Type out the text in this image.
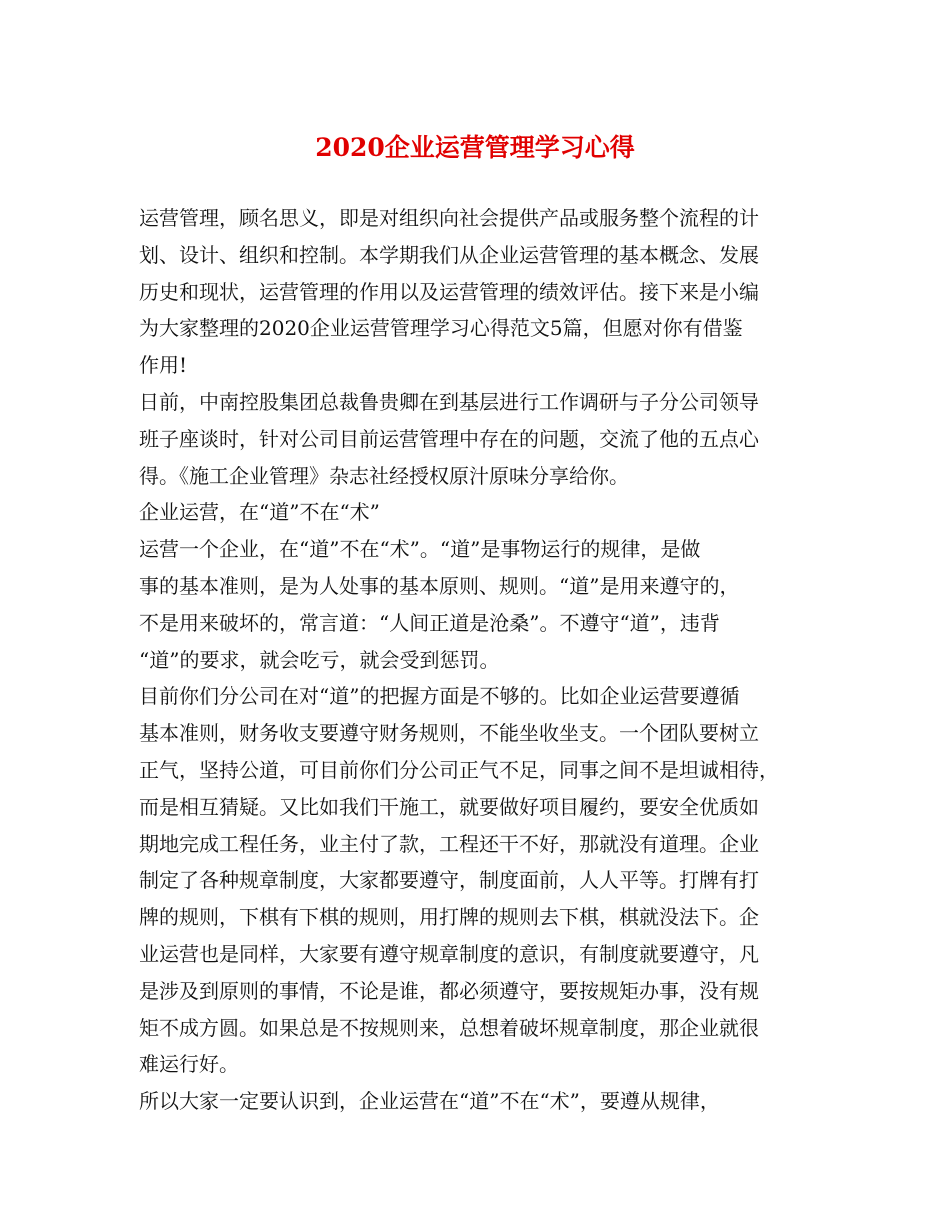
2020企业运营管理学习心得

运营管理，顾名思义，即是对组织向社会提供产品或服务整个流程的计
划、设计、组织和控制。本学期我们从企业运营管理的基本概念、发展
历史和现状，运营管理的作用以及运营管理的绩效评估。接下来是小编
为大家整理的2020企业运营管理学习心得范文5篇，但愿对你有借鉴
作用!

日前，中南控股集团总裁鲁贵卿在到基层进行工作调研与子分公司领导
班子座谈时，针对公司目前运营管理中存在的问题，交流了他的五点心
得。《施工企业管理》杂志社经授权原汁原味分享给你。

企业运营，在“道”不在“术”

运营一个企业，在“道”不在“术”。“道”是事物运行的规律，是做
事的基本准则，是为人处事的基本原则、规则。“道”是用来遵守的，
不是用来破坏的，常言道：“人间正道是沧桑”。不遵守“道”，违背
“道”的要求，就会吃亏，就会受到惩罚。

目前你们分公司在对“道”的把握方面是不够的。比如企业运营要遵循
基本准则，财务收支要遵守财务规则，不能坐收坐支。一个团队要树立
正气，坚持公道，可目前你们分公司正气不足，同事之间不是坦诚相待，
而是相互猜疑。又比如我们干施工，就要做好项目履约，要安全优质如
期地完成工程任务，业主付了款，工程还干不好，那就没有道理。企业
制定了各种规章制度，大家都要遵守，制度面前，人人平等。打牌有打
牌的规则，下棋有下棋的规则，用打牌的规则去下棋，棋就没法下。企
业运营也是同样，大家要有遵守规章制度的意识，有制度就要遵守，凡
是涉及到原则的事情，不论是谁，都必须遵守，要按规矩办事，没有规
矩不成方圆。如果总是不按规则来，总想着破坏规章制度，那企业就很
难运行好。

所以大家一定要认识到，企业运营在“道”不在“术”，要遵从规律，
